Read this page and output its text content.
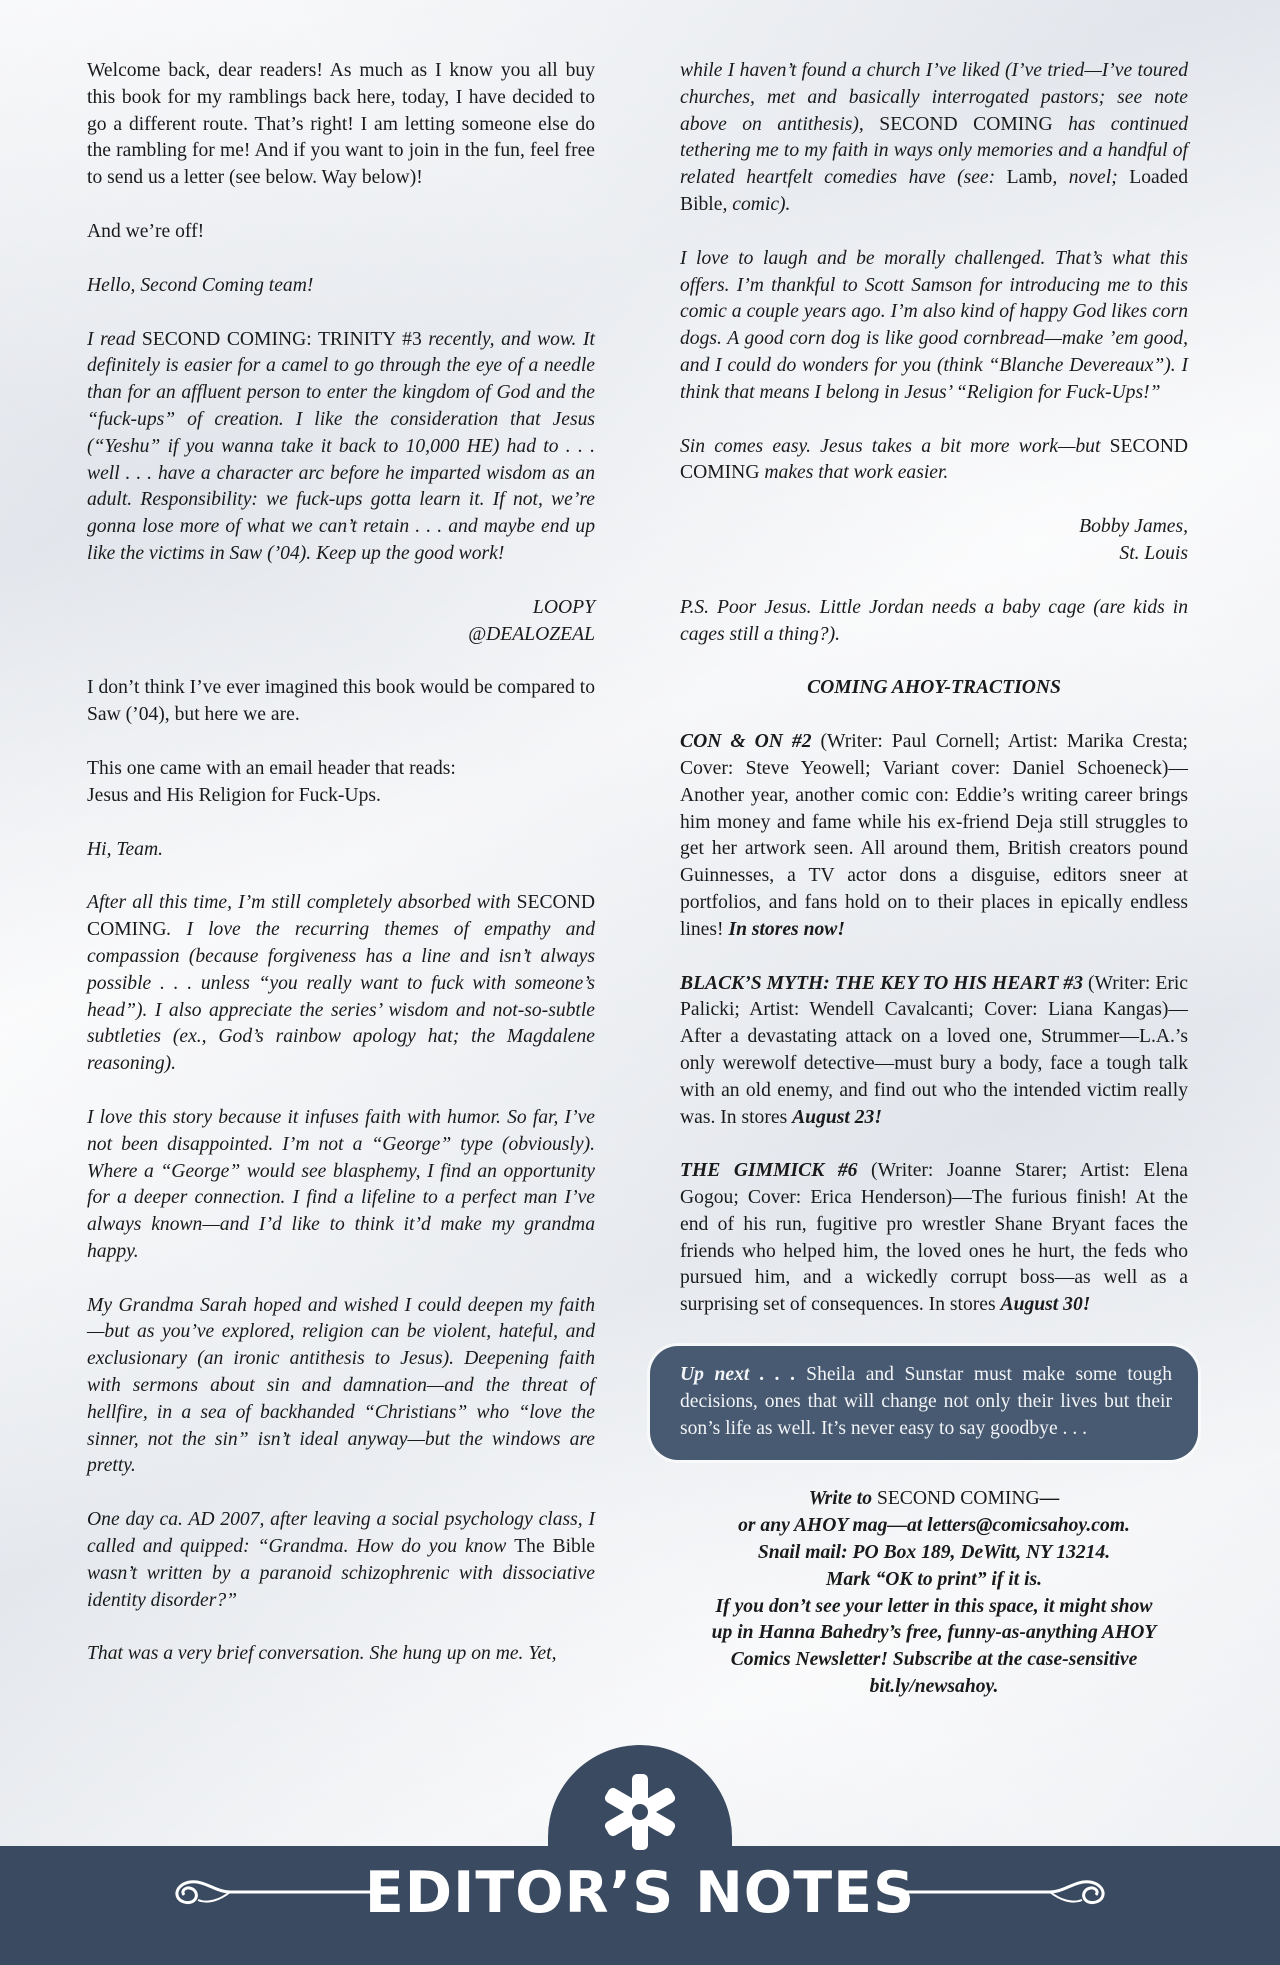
Welcome back, dear readers! As much as I know you all buy this book for my ramblings back here, today, I have decided to go a different route. That’s right! I am letting someone else do the rambling for me! And if you want to join in the fun, feel free to send us a letter (see below. Way below)!

And we’re off!

Hello, Second Coming team!

I read SECOND COMING: TRINITY #3 recently, and wow. It definitely is easier for a camel to go through the eye of a needle than for an affluent person to enter the kingdom of God and the “fuck-ups” of creation. I like the consideration that Jesus (“Yeshu” if you wanna take it back to 10,000 HE) had to . . . well . . . have a character arc before he imparted wisdom as an adult. Responsibility: we fuck-ups gotta learn it. If not, we’re gonna lose more of what we can’t retain . . . and maybe end up like the victims in Saw (’04). Keep up the good work!

LOOPY
@DEALOZEAL

I don’t think I’ve ever imagined this book would be compared to Saw (’04), but here we are.

This one came with an email header that reads:
Jesus and His Religion for Fuck-Ups.

Hi, Team.

After all this time, I’m still completely absorbed with SECOND COMING. I love the recurring themes of empathy and compassion (because forgiveness has a line and isn’t always possible . . . unless “you really want to fuck with someone’s head”). I also appreciate the series’ wisdom and not-so-subtle subtleties (ex., God’s rainbow apology hat; the Magdalene reasoning).

I love this story because it infuses faith with humor. So far, I’ve not been disappointed. I’m not a “George” type (obviously). Where a “George” would see blasphemy, I find an opportunity for a deeper connection. I find a lifeline to a perfect man I’ve always known—and I’d like to think it’d make my grandma happy.

My Grandma Sarah hoped and wished I could deepen my faith—but as you’ve explored, religion can be violent, hateful, and exclusionary (an ironic antithesis to Jesus). Deepening faith with sermons about sin and damnation—and the threat of hellfire, in a sea of backhanded “Christians” who “love the sinner, not the sin” isn’t ideal anyway—but the windows are pretty.

One day ca. AD 2007, after leaving a social psychology class, I called and quipped: “Grandma. How do you know The Bible wasn’t written by a paranoid schizophrenic with dissociative identity disorder?”

That was a very brief conversation. She hung up on me. Yet,

while I haven’t found a church I’ve liked (I’ve tried—I’ve toured churches, met and basically interrogated pastors; see note above on antithesis), SECOND COMING has continued tethering me to my faith in ways only memories and a handful of related heartfelt comedies have (see: Lamb, novel; Loaded Bible, comic).

I love to laugh and be morally challenged. That’s what this offers. I’m thankful to Scott Samson for introducing me to this comic a couple years ago. I’m also kind of happy God likes corn dogs. A good corn dog is like good cornbread—make ’em good, and I could do wonders for you (think “Blanche Devereaux”). I think that means I belong in Jesus’ “Religion for Fuck-Ups!”

Sin comes easy. Jesus takes a bit more work—but SECOND COMING makes that work easier.

Bobby James,
St. Louis

P.S. Poor Jesus. Little Jordan needs a baby cage (are kids in cages still a thing?).

COMING AHOY-TRACTIONS

CON & ON #2 (Writer: Paul Cornell; Artist: Marika Cresta; Cover: Steve Yeowell; Variant cover: Daniel Schoeneck)—Another year, another comic con: Eddie’s writing career brings him money and fame while his ex-friend Deja still struggles to get her artwork seen. All around them, British creators pound Guinnesses, a TV actor dons a disguise, editors sneer at portfolios, and fans hold on to their places in epically endless lines! In stores now!

BLACK’S MYTH: THE KEY TO HIS HEART #3 (Writer: Eric Palicki; Artist: Wendell Cavalcanti; Cover: Liana Kangas)—After a devastating attack on a loved one, Strummer—L.A.’s only werewolf detective—must bury a body, face a tough talk with an old enemy, and find out who the intended victim really was. In stores August 23!

THE GIMMICK #6 (Writer: Joanne Starer; Artist: Elena Gogou; Cover: Erica Henderson)—The furious finish! At the end of his run, fugitive pro wrestler Shane Bryant faces the friends who helped him, the loved ones he hurt, the feds who pursued him, and a wickedly corrupt boss—as well as a surprising set of consequences. In stores August 30!

Up next . . . Sheila and Sunstar must make some tough decisions, ones that will change not only their lives but their son’s life as well. It’s never easy to say goodbye . . .

Write to SECOND COMING—
or any AHOY mag—at letters@comicsahoy.com.
Snail mail: PO Box 189, DeWitt, NY 13214.
Mark “OK to print” if it is.
If you don’t see your letter in this space, it might show
up in Hanna Bahedry’s free, funny-as-anything AHOY
Comics Newsletter! Subscribe at the case-sensitive
bit.ly/newsahoy.
EDITOR’S NOTES
